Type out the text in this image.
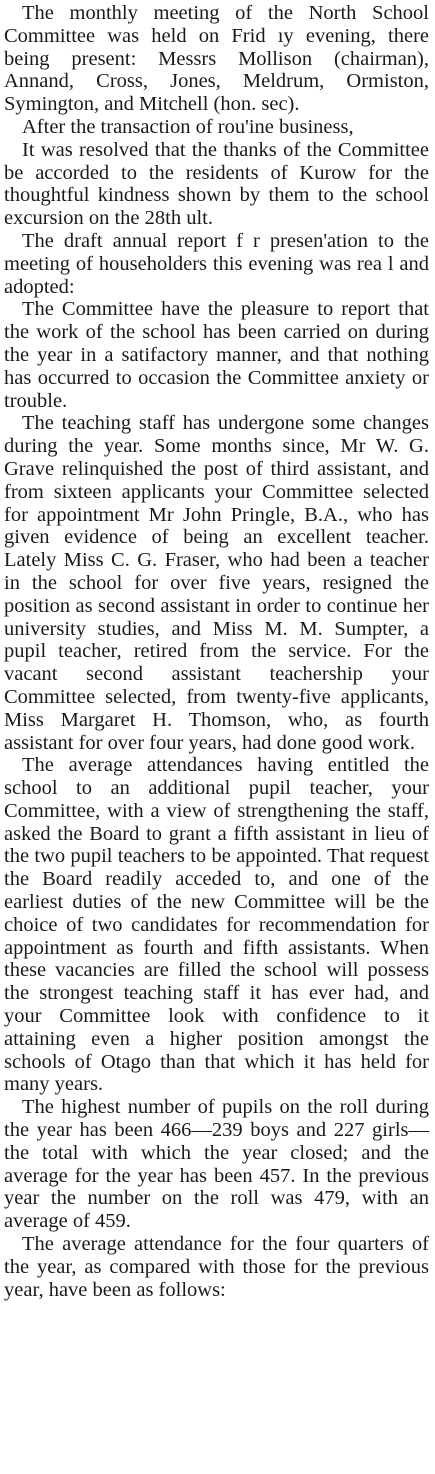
The monthly meeting of the North School Committee was held on Frid ıy evening, there being present: Messrs Mollison (chairman), Annand, Cross, Jones, Meldrum, Ormiston, Symington, and Mitchell (hon. sec).

After the transaction of rou'ine business,

It was resolved that the thanks of the Committee be accorded to the residents of Kurow for the thoughtful kindness shown by them to the school excursion on the 28th ult.

The draft annual report f r presen'ation to the meeting of householders this evening was rea l and adopted:

The Committee have the pleasure to report that the work of the school has been carried on during the year in a satifactory manner, and that nothing has occurred to occasion the Committee anxiety or trouble.

The teaching staff has undergone some changes during the year. Some months since, Mr W. G. Grave relinquished the post of third assistant, and from sixteen applicants your Committee selected for appointment Mr John Pringle, B.A., who has given evidence of being an excellent teacher. Lately Miss C. G. Fraser, who had been a teacher in the school for over five years, resigned the position as second assistant in order to continue her university studies, and Miss M. M. Sumpter, a pupil teacher, retired from the service. For the vacant second assistant teachership your Committee selected, from twenty-five applicants, Miss Margaret H. Thomson, who, as fourth assistant for over four years, had done good work.

The average attendances having entitled the school to an additional pupil teacher, your Committee, with a view of strengthening the staff, asked the Board to grant a fifth assistant in lieu of the two pupil teachers to be appointed. That request the Board readily acceded to, and one of the earliest duties of the new Committee will be the choice of two candidates for recommendation for appointment as fourth and fifth assistants. When these vacancies are filled the school will possess the strongest teaching staff it has ever had, and your Committee look with confidence to it attaining even a higher position amongst the schools of Otago than that which it has held for many years.

The highest number of pupils on the roll during the year has been 466—239 boys and 227 girls—the total with which the year closed; and the average for the year has been 457. In the previous year the number on the roll was 479, with an average of 459.

The average attendance for the four quarters of the year, as compared with those for the previous year, have been as follows:
